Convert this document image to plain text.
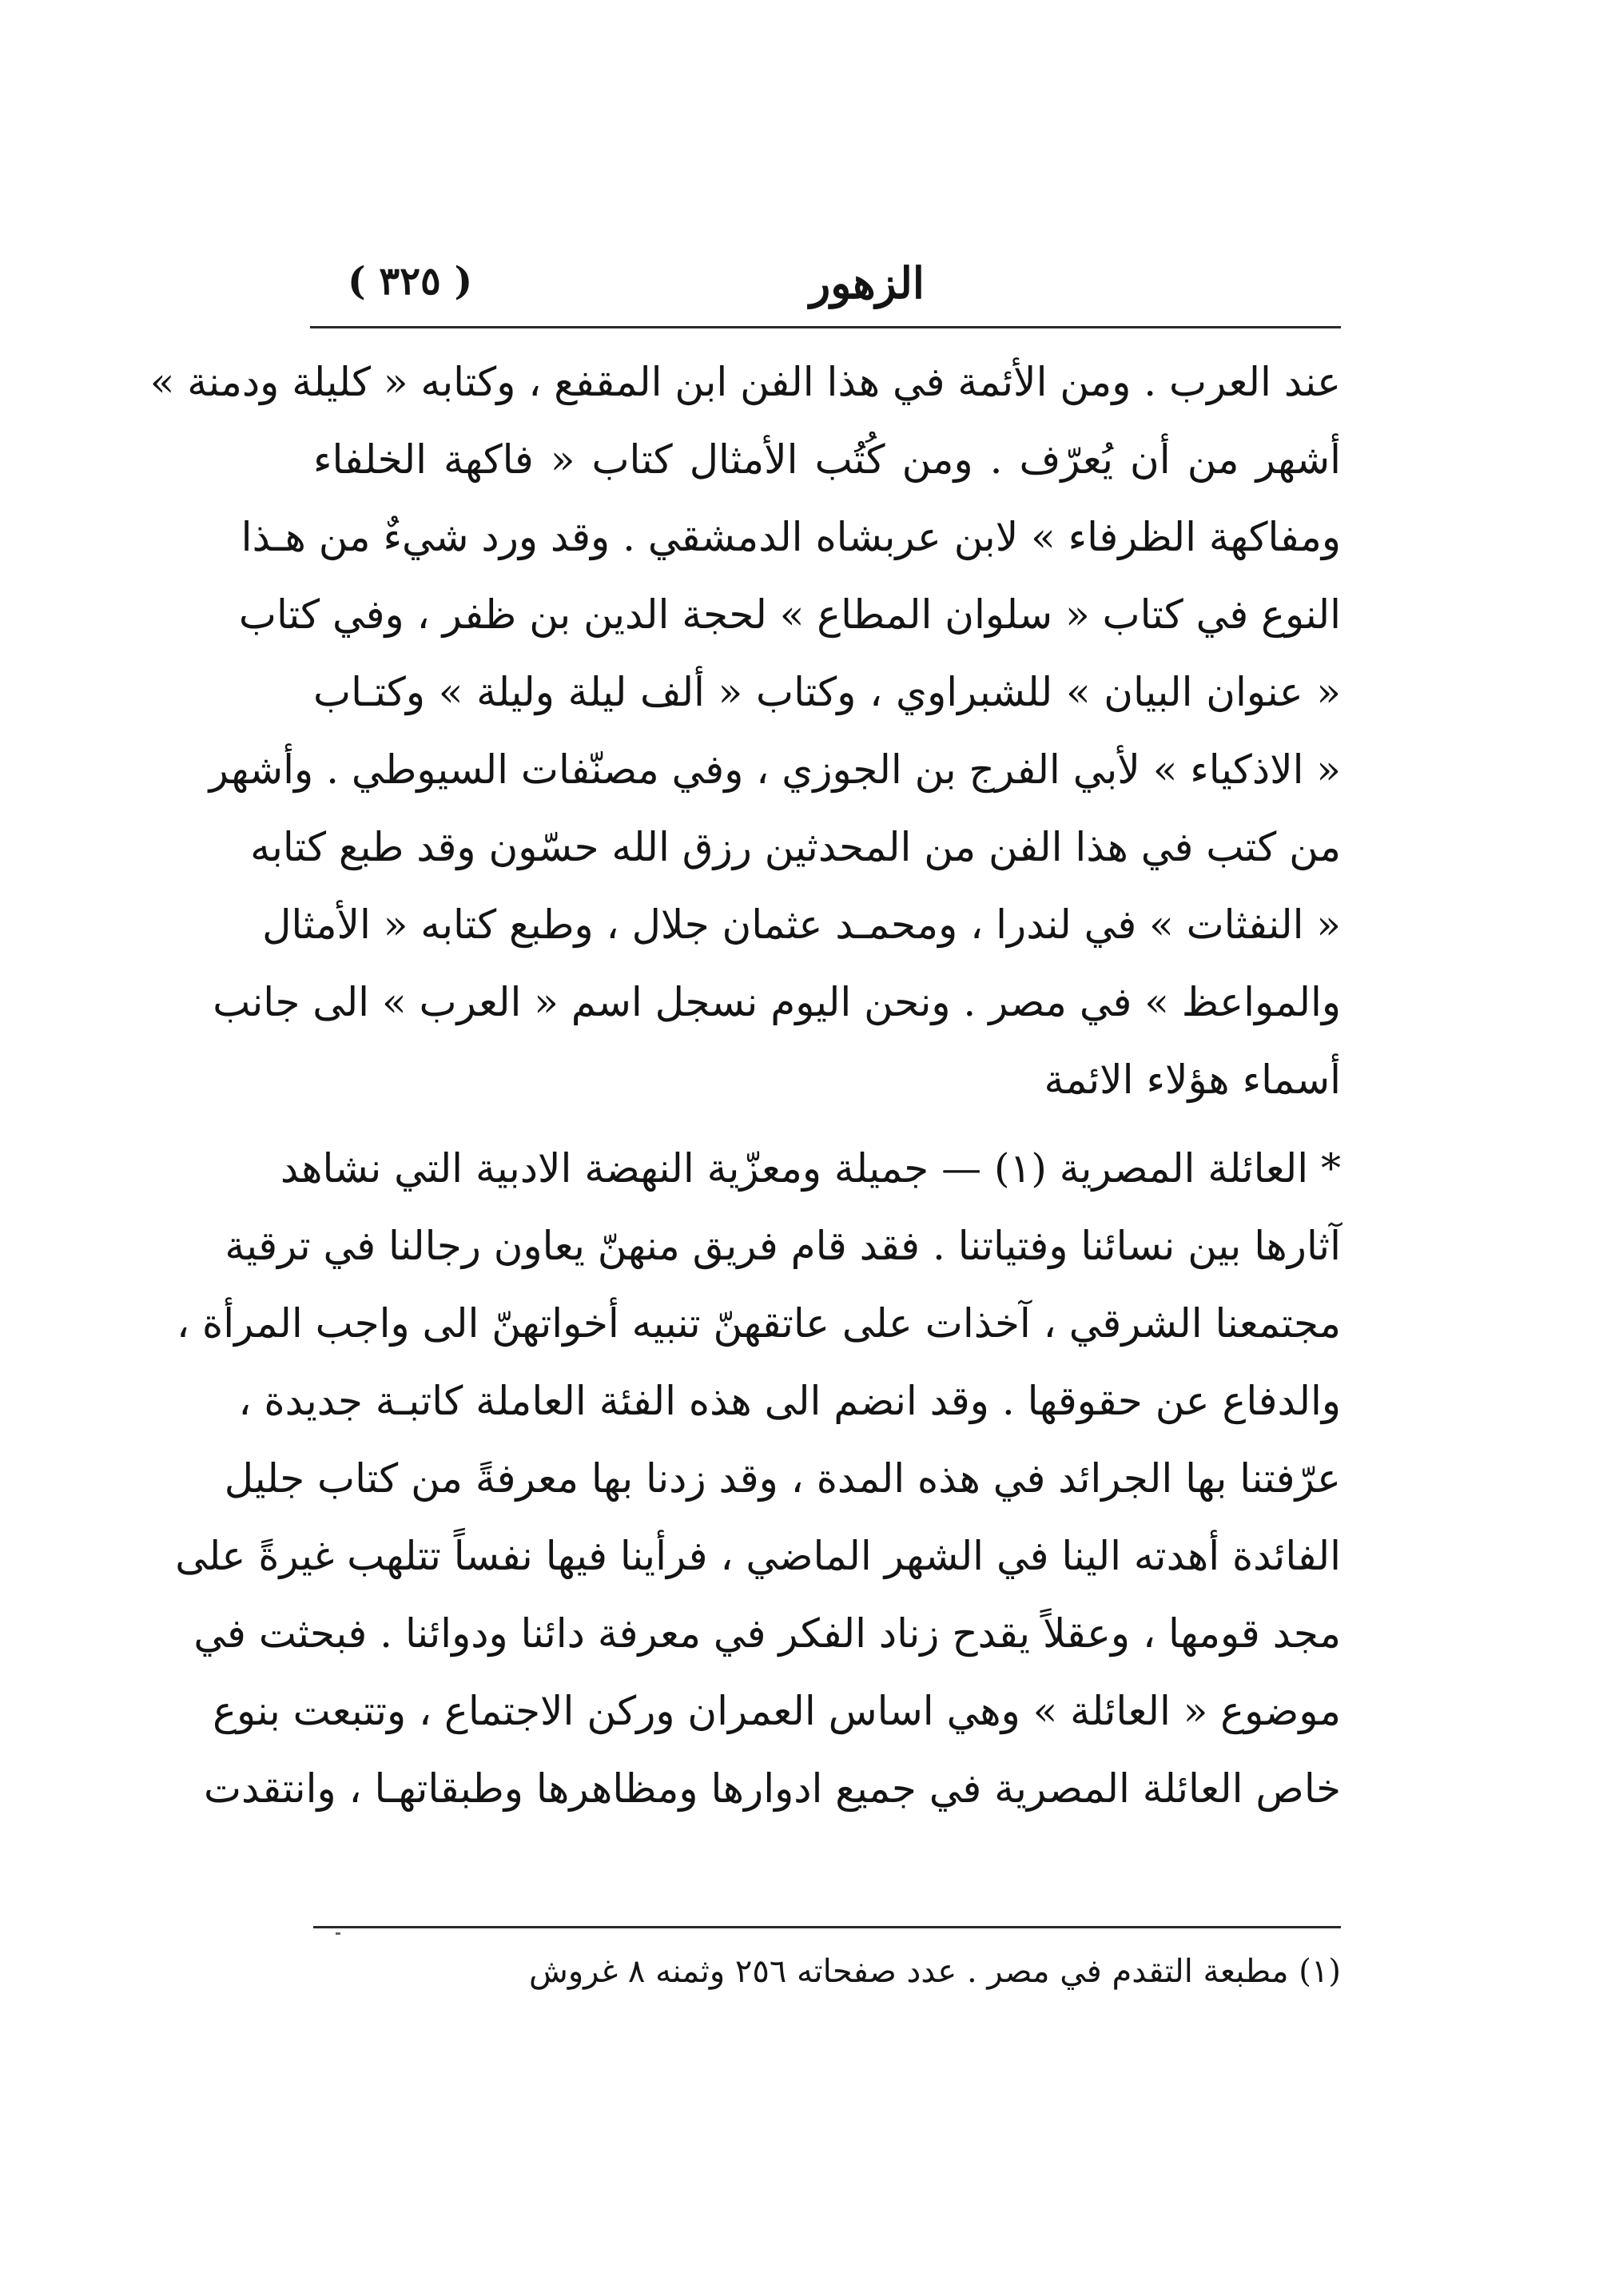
( ٣٢٥ )	الزهور
عند العرب . ومن الأئمة في هذا الفن ابن المقفع ، وكتابه « كليلة ودمنة »
أشهر من أن يُعرّف . ومن كُتُب الأمثال كتاب « فاكهة الخلفاء
ومفاكهة الظرفاء » لابن عربشاه الدمشقي . وقد ورد شيءٌ من هـذا
النوع في كتاب « سلوان المطاع » لحجة الدين بن ظفر ، وفي كتاب
« عنوان البيان » للشبراوي ، وكتاب « ألف ليلة وليلة » وكتـاب
« الاذكياء » لأبي الفرج بن الجوزي ، وفي مصنّفات السيوطي . وأشهر
من كتب في هذا الفن من المحدثين رزق الله حسّون وقد طبع كتابه
« النفثات » في لندرا ، ومحمـد عثمان جلال ، وطبع كتابه « الأمثال
والمواعظ » في مصر . ونحن اليوم نسجل اسم « العرب » الى جانب
أسماء هؤلاء الائمة
* العائلة المصرية (١) — جميلة ومعزّية النهضة الادبية التي نشاهد
آثارها بين نسائنا وفتياتنا . فقد قام فريق منهنّ يعاون رجالنا في ترقية
مجتمعنا الشرقي ، آخذات على عاتقهنّ تنبيه أخواتهنّ الى واجب المرأة ،
والدفاع عن حقوقها . وقد انضم الى هذه الفئة العاملة كاتبـة جديدة ،
عرّفتنا بها الجرائد في هذه المدة ، وقد زدنا بها معرفةً من كتاب جليل
الفائدة أهدته الينا في الشهر الماضي ، فرأينا فيها نفساً تتلهب غيرةً على
مجد قومها ، وعقلاً يقدح زناد الفكر في معرفة دائنا ودوائنا . فبحثت في
موضوع « العائلة » وهي اساس العمران وركن الاجتماع ، وتتبعت بنوع
خاص العائلة المصرية في جميع ادوارها ومظاهرها وطبقاتهـا ، وانتقدت
(١) مطبعة التقدم في مصر . عدد صفحاته ٢٥٦ وثمنه ٨ غروش
